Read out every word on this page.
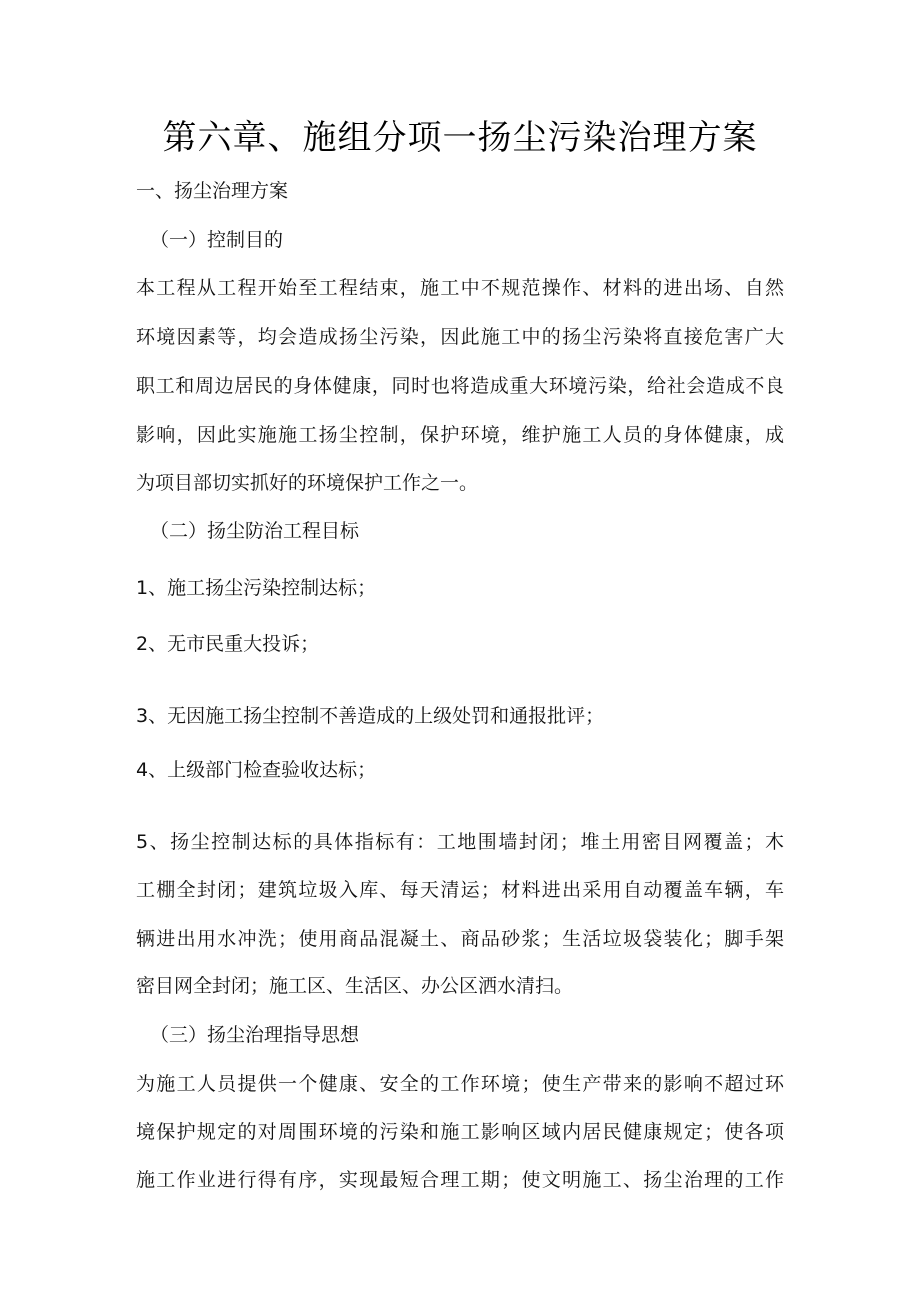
第六章、施组分项一扬尘污染治理方案
一、扬尘治理方案
（一）控制目的
本工程从工程开始至工程结束，施工中不规范操作、材料的进出场、自然
环境因素等，均会造成扬尘污染，因此施工中的扬尘污染将直接危害广大
职工和周边居民的身体健康，同时也将造成重大环境污染，给社会造成不良
影响，因此实施施工扬尘控制，保护环境，维护施工人员的身体健康，成
为项目部切实抓好的环境保护工作之一。
（二）扬尘防治工程目标
1、施工扬尘污染控制达标；
2、无市民重大投诉；
3、无因施工扬尘控制不善造成的上级处罚和通报批评；
4、上级部门检查验收达标；
5、扬尘控制达标的具体指标有：工地围墙封闭；堆土用密目网覆盖；木
工棚全封闭；建筑垃圾入库、每天清运；材料进出采用自动覆盖车辆，车
辆进出用水冲洗；使用商品混凝土、商品砂浆；生活垃圾袋装化；脚手架
密目网全封闭；施工区、生活区、办公区洒水清扫。
（三）扬尘治理指导思想
为施工人员提供一个健康、安全的工作环境；使生产带来的影响不超过环
境保护规定的对周围环境的污染和施工影响区域内居民健康规定；使各项
施工作业进行得有序，实现最短合理工期；使文明施工、扬尘治理的工作
